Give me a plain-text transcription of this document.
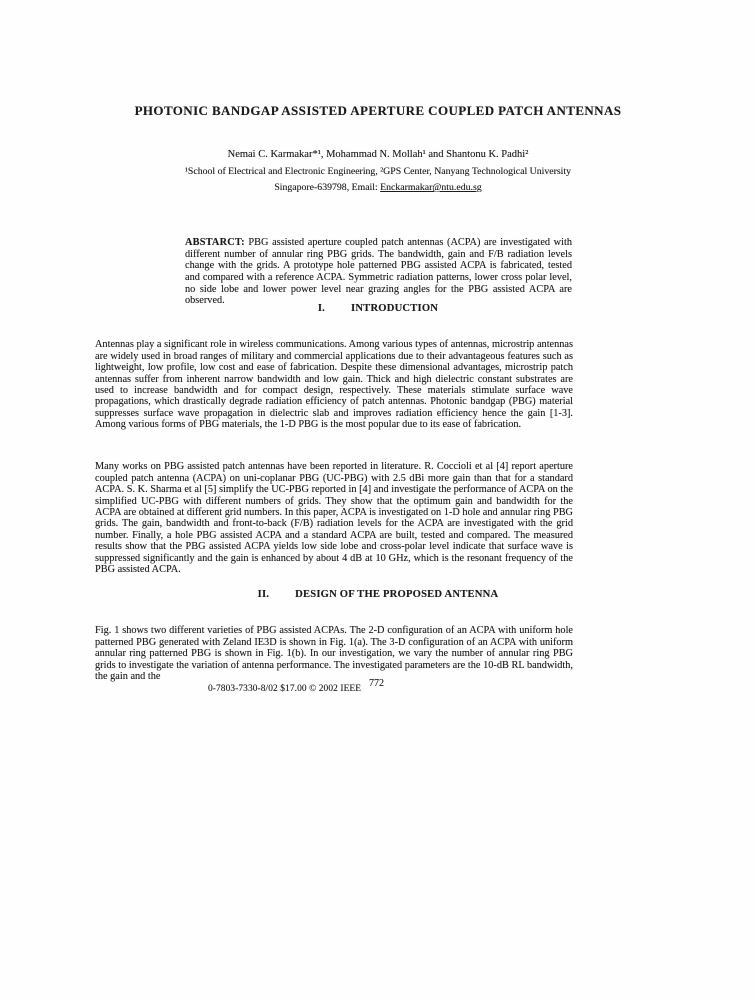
PHOTONIC BANDGAP ASSISTED APERTURE COUPLED PATCH ANTENNAS
Nemai C. Karmakar*¹, Mohammad N. Mollah¹ and Shantonu K. Padhi²
¹School of Electrical and Electronic Engineering, ²GPS Center, Nanyang Technological University
Singapore-639798, Email: Enckarmakar@ntu.edu.sg

ABSTARCT: PBG assisted aperture coupled patch antennas (ACPA) are investigated with different number of annular ring PBG grids. The bandwidth, gain and F/B radiation levels change with the grids. A prototype hole patterned PBG assisted ACPA is fabricated, tested and compared with a reference ACPA. Symmetric radiation patterns, lower cross polar level, no side lobe and lower power level near grazing angles for the PBG assisted ACPA are observed.

I. INTRODUCTION

Antennas play a significant role in wireless communications. Among various types of antennas, microstrip antennas are widely used in broad ranges of military and commercial applications due to their advantageous features such as lightweight, low profile, low cost and ease of fabrication. Despite these dimensional advantages, microstrip patch antennas suffer from inherent narrow bandwidth and low gain. Thick and high dielectric constant substrates are used to increase bandwidth and for compact design, respectively. These materials stimulate surface wave propagations, which drastically degrade radiation efficiency of patch antennas. Photonic bandgap (PBG) material suppresses surface wave propagation in dielectric slab and improves radiation efficiency hence the gain [1-3]. Among various forms of PBG materials, the 1-D PBG is the most popular due to its ease of fabrication.

Many works on PBG assisted patch antennas have been reported in literature. R. Coccioli et al [4] report aperture coupled patch antenna (ACPA) on uni-coplanar PBG (UC-PBG) with 2.5 dBi more gain than that for a standard ACPA. S. K. Sharma et al [5] simplify the UC-PBG reported in [4] and investigate the performance of ACPA on the simplified UC-PBG with different numbers of grids. They show that the optimum gain and bandwidth for the ACPA are obtained at different grid numbers. In this paper, ACPA is investigated on 1-D hole and annular ring PBG grids. The gain, bandwidth and front-to-back (F/B) radiation levels for the ACPA are investigated with the grid number. Finally, a hole PBG assisted ACPA and a standard ACPA are built, tested and compared. The measured results show that the PBG assisted ACPA yields low side lobe and cross-polar level indicate that surface wave is suppressed significantly and the gain is enhanced by about 4 dB at 10 GHz, which is the resonant frequency of the PBG assisted ACPA.

II. DESIGN OF THE PROPOSED ANTENNA

Fig. 1 shows two different varieties of PBG assisted ACPAs. The 2-D configuration of an ACPA with uniform hole patterned PBG generated with Zeland IE3D is shown in Fig. 1(a). The 3-D configuration of an ACPA with uniform annular ring patterned PBG is shown in Fig. 1(b). In our investigation, we vary the number of annular ring PBG grids to investigate the variation of antenna performance. The investigated parameters are the 10-dB RL bandwidth, the gain and the

0-7803-7330-8/02 $17.00 © 2002 IEEE 772
